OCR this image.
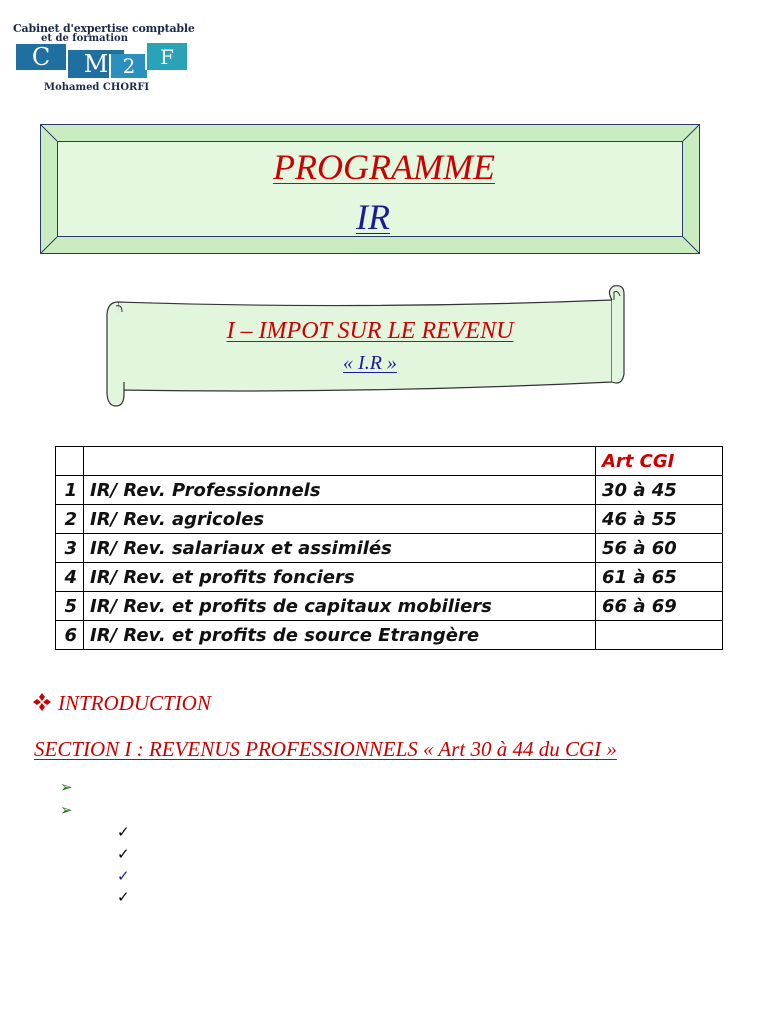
Cabinet d'expertise comptable
et de formation
C	M 2	F
Mohamed CHORFI
PROGRAMME
IR
I – IMPOT SUR LE REVENU
« I.R »
		Art CGI
1	IR/ Rev. Professionnels	30 à 45
2	IR/ Rev. agricoles	46 à 55
3	IR/ Rev. salariaux et assimilés	56 à 60
4	IR/ Rev. et profits fonciers	61 à 65
5	IR/ Rev. et profits de capitaux mobiliers	66 à 69
6	IR/ Rev. et profits de source Etrangère	
INTRODUCTION
SECTION I : REVENUS PROFESSIONNELS « Art 30 à 44 du CGI »
➢
➢
✓
✓
✓
✓
